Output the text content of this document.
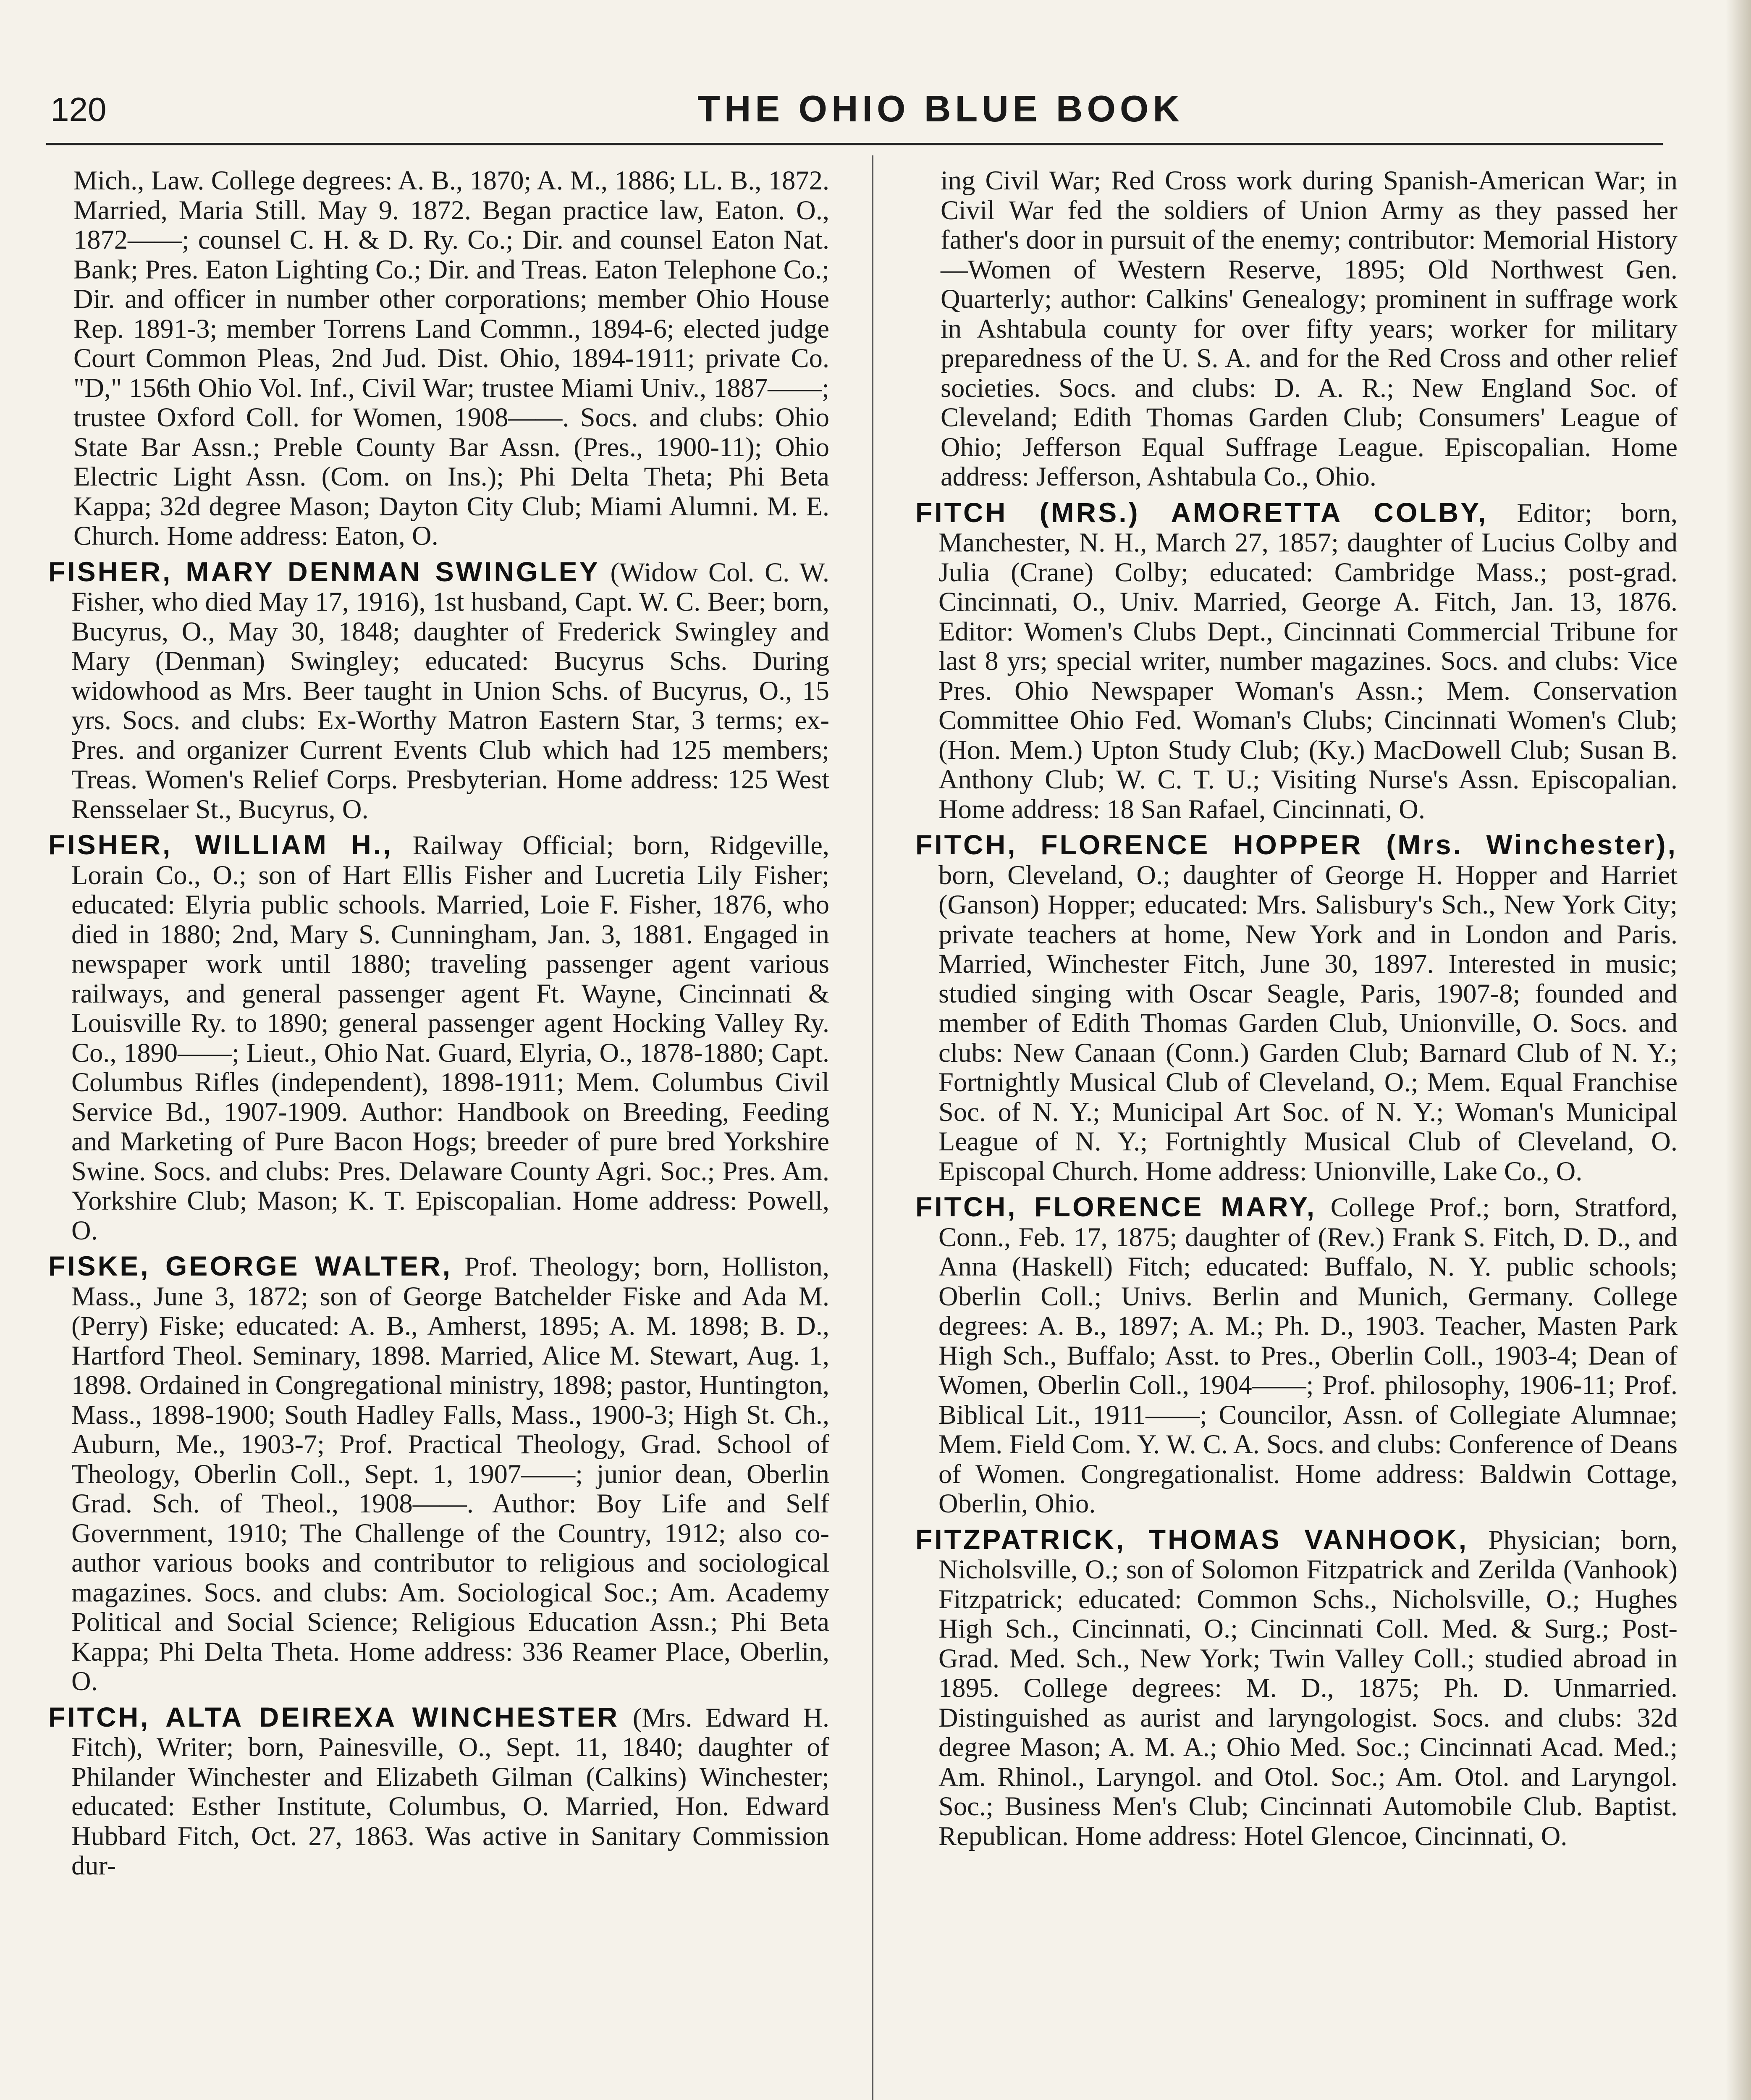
120	THE OHIO BLUE BOOK

Mich., Law. College degrees: A. B., 1870; A. M., 1886; LL. B., 1872. Married, Maria Still. May 9. 1872. Began practice law, Eaton. O., 1872——; counsel C. H. & D. Ry. Co.; Dir. and counsel Eaton Nat. Bank; Pres. Eaton Lighting Co.; Dir. and Treas. Eaton Telephone Co.; Dir. and officer in number other corporations; member Ohio House Rep. 1891-3; member Torrens Land Commn., 1894-6; elected judge Court Common Pleas, 2nd Jud. Dist. Ohio, 1894-1911; private Co. "D," 156th Ohio Vol. Inf., Civil War; trustee Miami Univ., 1887——; trustee Oxford Coll. for Women, 1908——. Socs. and clubs: Ohio State Bar Assn.; Preble County Bar Assn. (Pres., 1900-11); Ohio Electric Light Assn. (Com. on Ins.); Phi Delta Theta; Phi Beta Kappa; 32d degree Mason; Dayton City Club; Miami Alumni. M. E. Church. Home address: Eaton, O.

FISHER, MARY DENMAN SWINGLEY (Widow Col. C. W. Fisher, who died May 17, 1916), 1st husband, Capt. W. C. Beer; born, Bucyrus, O., May 30, 1848; daughter of Frederick Swingley and Mary (Denman) Swingley; educated: Bucyrus Schs. During widowhood as Mrs. Beer taught in Union Schs. of Bucyrus, O., 15 yrs. Socs. and clubs: Ex-Worthy Matron Eastern Star, 3 terms; ex-Pres. and organizer Current Events Club which had 125 members; Treas. Women's Relief Corps. Presbyterian. Home address: 125 West Rensselaer St., Bucyrus, O.

FISHER, WILLIAM H., Railway Official; born, Ridgeville, Lorain Co., O.; son of Hart Ellis Fisher and Lucretia Lily Fisher; educated: Elyria public schools. Married, Loie F. Fisher, 1876, who died in 1880; 2nd, Mary S. Cunningham, Jan. 3, 1881. Engaged in newspaper work until 1880; traveling passenger agent various railways, and general passenger agent Ft. Wayne, Cincinnati & Louisville Ry. to 1890; general passenger agent Hocking Valley Ry. Co., 1890——; Lieut., Ohio Nat. Guard, Elyria, O., 1878-1880; Capt. Columbus Rifles (independent), 1898-1911; Mem. Columbus Civil Service Bd., 1907-1909. Author: Handbook on Breeding, Feeding and Marketing of Pure Bacon Hogs; breeder of pure bred Yorkshire Swine. Socs. and clubs: Pres. Delaware County Agri. Soc.; Pres. Am. Yorkshire Club; Mason; K. T. Episcopalian. Home address: Powell, O.

FISKE, GEORGE WALTER, Prof. Theology; born, Holliston, Mass., June 3, 1872; son of George Batchelder Fiske and Ada M. (Perry) Fiske; educated: A. B., Amherst, 1895; A. M. 1898; B. D., Hartford Theol. Seminary, 1898. Married, Alice M. Stewart, Aug. 1, 1898. Ordained in Congregational ministry, 1898; pastor, Huntington, Mass., 1898-1900; South Hadley Falls, Mass., 1900-3; High St. Ch., Auburn, Me., 1903-7; Prof. Practical Theology, Grad. School of Theology, Oberlin Coll., Sept. 1, 1907——; junior dean, Oberlin Grad. Sch. of Theol., 1908——. Author: Boy Life and Self Government, 1910; The Challenge of the Country, 1912; also co-author various books and contributor to religious and sociological magazines. Socs. and clubs: Am. Sociological Soc.; Am. Academy Political and Social Science; Religious Education Assn.; Phi Beta Kappa; Phi Delta Theta. Home address: 336 Reamer Place, Oberlin, O.

FITCH, ALTA DEIREXA WINCHESTER (Mrs. Edward H. Fitch), Writer; born, Painesville, O., Sept. 11, 1840; daughter of Philander Winchester and Elizabeth Gilman (Calkins) Winchester; educated: Esther Institute, Columbus, O. Married, Hon. Edward Hubbard Fitch, Oct. 27, 1863. Was active in Sanitary Commission dur-

ing Civil War; Red Cross work during Spanish-American War; in Civil War fed the soldiers of Union Army as they passed her father's door in pursuit of the enemy; contributor: Memorial History—Women of Western Reserve, 1895; Old Northwest Gen. Quarterly; author: Calkins' Genealogy; prominent in suffrage work in Ashtabula county for over fifty years; worker for military preparedness of the U. S. A. and for the Red Cross and other relief societies. Socs. and clubs: D. A. R.; New England Soc. of Cleveland; Edith Thomas Garden Club; Consumers' League of Ohio; Jefferson Equal Suffrage League. Episcopalian. Home address: Jefferson, Ashtabula Co., Ohio.

FITCH (MRS.) AMORETTA COLBY, Editor; born, Manchester, N. H., March 27, 1857; daughter of Lucius Colby and Julia (Crane) Colby; educated: Cambridge Mass.; post-grad. Cincinnati, O., Univ. Married, George A. Fitch, Jan. 13, 1876. Editor: Women's Clubs Dept., Cincinnati Commercial Tribune for last 8 yrs; special writer, number magazines. Socs. and clubs: Vice Pres. Ohio Newspaper Woman's Assn.; Mem. Conservation Committee Ohio Fed. Woman's Clubs; Cincinnati Women's Club; (Hon. Mem.) Upton Study Club; (Ky.) MacDowell Club; Susan B. Anthony Club; W. C. T. U.; Visiting Nurse's Assn. Episcopalian. Home address: 18 San Rafael, Cincinnati, O.

FITCH, FLORENCE HOPPER (Mrs. Winchester), born, Cleveland, O.; daughter of George H. Hopper and Harriet (Ganson) Hopper; educated: Mrs. Salisbury's Sch., New York City; private teachers at home, New York and in London and Paris. Married, Winchester Fitch, June 30, 1897. Interested in music; studied singing with Oscar Seagle, Paris, 1907-8; founded and member of Edith Thomas Garden Club, Unionville, O. Socs. and clubs: New Canaan (Conn.) Garden Club; Barnard Club of N. Y.; Fortnightly Musical Club of Cleveland, O.; Mem. Equal Franchise Soc. of N. Y.; Municipal Art Soc. of N. Y.; Woman's Municipal League of N. Y.; Fortnightly Musical Club of Cleveland, O. Episcopal Church. Home address: Unionville, Lake Co., O.

FITCH, FLORENCE MARY, College Prof.; born, Stratford, Conn., Feb. 17, 1875; daughter of (Rev.) Frank S. Fitch, D. D., and Anna (Haskell) Fitch; educated: Buffalo, N. Y. public schools; Oberlin Coll.; Univs. Berlin and Munich, Germany. College degrees: A. B., 1897; A. M.; Ph. D., 1903. Teacher, Masten Park High Sch., Buffalo; Asst. to Pres., Oberlin Coll., 1903-4; Dean of Women, Oberlin Coll., 1904——; Prof. philosophy, 1906-11; Prof. Biblical Lit., 1911——; Councilor, Assn. of Collegiate Alumnae; Mem. Field Com. Y. W. C. A. Socs. and clubs: Conference of Deans of Women. Congregationalist. Home address: Baldwin Cottage, Oberlin, Ohio.

FITZPATRICK, THOMAS VANHOOK, Physician; born, Nicholsville, O.; son of Solomon Fitzpatrick and Zerilda (Vanhook) Fitzpatrick; educated: Common Schs., Nicholsville, O.; Hughes High Sch., Cincinnati, O.; Cincinnati Coll. Med. & Surg.; Post-Grad. Med. Sch., New York; Twin Valley Coll.; studied abroad in 1895. College degrees: M. D., 1875; Ph. D. Unmarried. Distinguished as aurist and laryngologist. Socs. and clubs: 32d degree Mason; A. M. A.; Ohio Med. Soc.; Cincinnati Acad. Med.; Am. Rhinol., Laryngol. and Otol. Soc.; Am. Otol. and Laryngol. Soc.; Business Men's Club; Cincinnati Automobile Club. Baptist. Republican. Home address: Hotel Glencoe, Cincinnati, O.
